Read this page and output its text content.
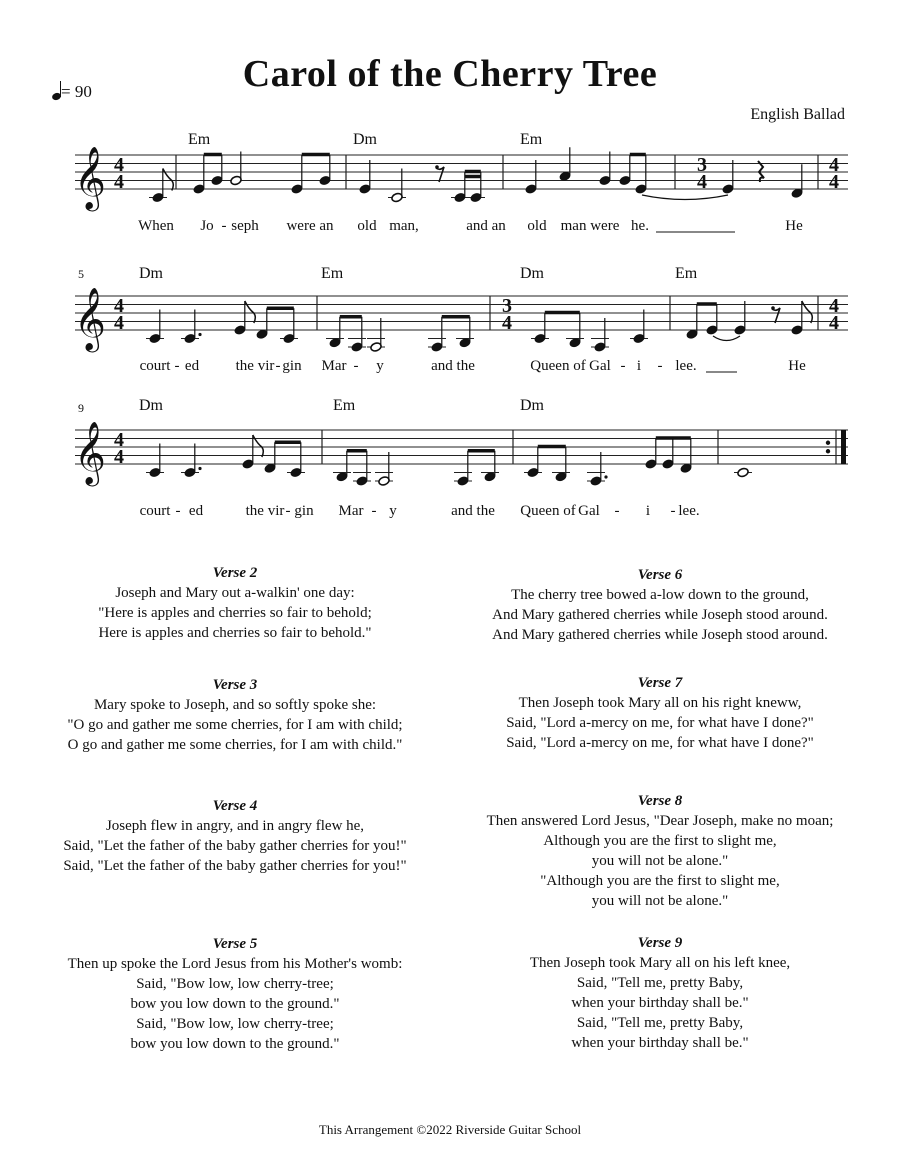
Carol of the Cherry Tree
= 90
English Ballad
𝄞 4
4
3
4
4
4
Em	Dm	Em
When Jo - seph were an old man,	and an old man were he.	He
𝄞 4
4
5
3
4
4
4
Dm	Em	Dm	Em
court - ed the vir - gin Mar - y	and the	Queen of Gal - i - lee.	He
𝄞 4
4
9	Dm	Em	Dm
court - ed	the vir - gin Mar - y	and the Queen of Gal - i - lee.
Verse 2
Joseph and Mary out a-walkin' one day:
"Here is apples and cherries so fair to behold;
Here is apples and cherries so fair to behold."
Verse 3
Mary spoke to Joseph, and so softly spoke she:
"O go and gather me some cherries, for I am with child;
O go and gather me some cherries, for I am with child."
Verse 4
Joseph flew in angry, and in angry flew he,
Said, "Let the father of the baby gather cherries for you!"
Said, "Let the father of the baby gather cherries for you!"
Verse 5
Then up spoke the Lord Jesus from his Mother's womb:
Said, "Bow low, low cherry-tree;
bow you low down to the ground."
Said, "Bow low, low cherry-tree;
bow you low down to the ground."
Verse 6
The cherry tree bowed a-low down to the ground,
And Mary gathered cherries while Joseph stood around.
And Mary gathered cherries while Joseph stood around.
Verse 7
Then Joseph took Mary all on his right kneww,
Said, "Lord a-mercy on me, for what have I done?"
Said, "Lord a-mercy on me, for what have I done?"
Verse 8
Then answered Lord Jesus, "Dear Joseph, make no moan;
Although you are the first to slight me,
you will not be alone."
"Although you are the first to slight me,
you will not be alone."
Verse 9
Then Joseph took Mary all on his left knee,
Said, "Tell me, pretty Baby,
when your birthday shall be."
Said, "Tell me, pretty Baby,
when your birthday shall be."
This Arrangement ©2022 Riverside Guitar School
